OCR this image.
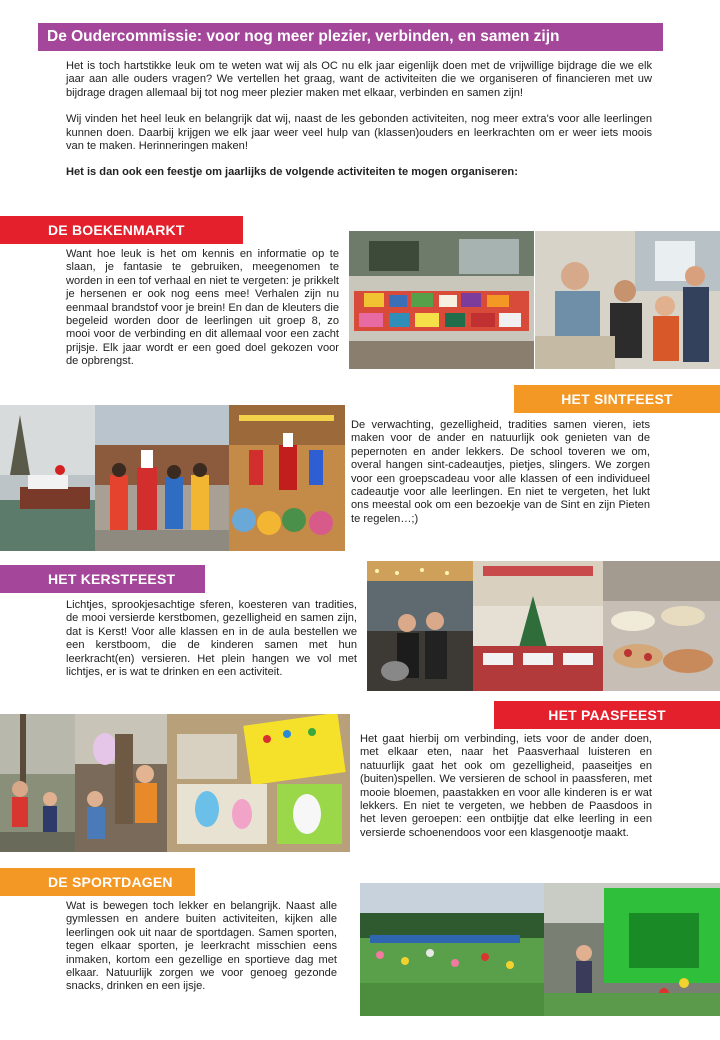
De Oudercommissie: voor nog meer plezier, verbinden, en samen zijn

Het is toch hartstikke leuk om te weten wat wij als OC nu elk jaar eigenlijk doen met de vrijwillige bijdrage die we elk jaar aan alle ouders vragen? We vertellen het graag, want de activiteiten die we organiseren of financieren met uw bijdrage dragen allemaal bij tot nog meer plezier maken met elkaar, verbinden en samen zijn!

Wij vinden het heel leuk en belangrijk dat wij, naast de les gebonden activiteiten, nog meer extra's voor alle leerlingen kunnen doen. Daarbij krijgen we elk jaar weer veel hulp van (klassen)ouders en leerkrachten om er weer iets moois van te maken. Herinneringen maken!

Het is dan ook een feestje om jaarlijks de volgende activiteiten te mogen organiseren:

DE BOEKENMARKT
Want hoe leuk is het om kennis en informatie op te slaan, je fantasie te gebruiken, meegenomen te worden in een tof verhaal en niet te vergeten: je prikkelt je hersenen er ook nog eens mee! Verhalen zijn nu eenmaal brandstof voor je brein! En dan de kleuters die begeleid worden door de leerlingen uit groep 8, zo mooi voor de verbinding en dit allemaal voor een zacht prijsje. Elk jaar wordt er een goed doel gekozen voor de opbrengst.
HET SINTFEEST
De verwachting, gezelligheid, tradities samen vieren, iets maken voor de ander en natuurlijk ook genieten van de pepernoten en ander lekkers. De school toveren we om, overal hangen sint-cadeautjes, pietjes, slingers. We zorgen voor een groepscadeau voor alle klassen of een individueel cadeautje voor alle leerlingen. En niet te vergeten, het lukt ons meestal ook om een bezoekje van de Sint en zijn Pieten te regelen…;)
HET KERSTFEEST
Lichtjes, sprookjesachtige sferen, koesteren van tradities, de mooi versierde kerstbomen, gezelligheid en samen zijn, dat is Kerst! Voor alle klassen en in de aula bestellen we een kerstboom, die de kinderen samen met hun leerkracht(en) versieren. Het plein hangen we vol met lichtjes, er is wat te drinken en een activiteit.
HET PAASFEEST
Het gaat hierbij om verbinding, iets voor de ander doen, met elkaar eten, naar het Paasverhaal luisteren en natuurlijk gaat het ook om gezelligheid, paaseitjes en (buiten)spellen. We versieren de school in paassferen, met mooie bloemen, paastakken en voor alle kinderen is er wat lekkers. En niet te vergeten, we hebben de Paasdoos in het leven geroepen: een ontbijtje dat elke leerling in een versierde schoenendoos voor een klasgenootje maakt.
DE SPORTDAGEN
Wat is bewegen toch lekker en belangrijk. Naast alle gymlessen en andere buiten activiteiten, kijken alle leerlingen ook uit naar de sportdagen. Samen sporten, tegen elkaar sporten, je leerkracht misschien eens inmaken, kortom een gezellige en sportieve dag met elkaar. Natuurlijk zorgen we voor genoeg gezonde snacks, drinken en een ijsje.
